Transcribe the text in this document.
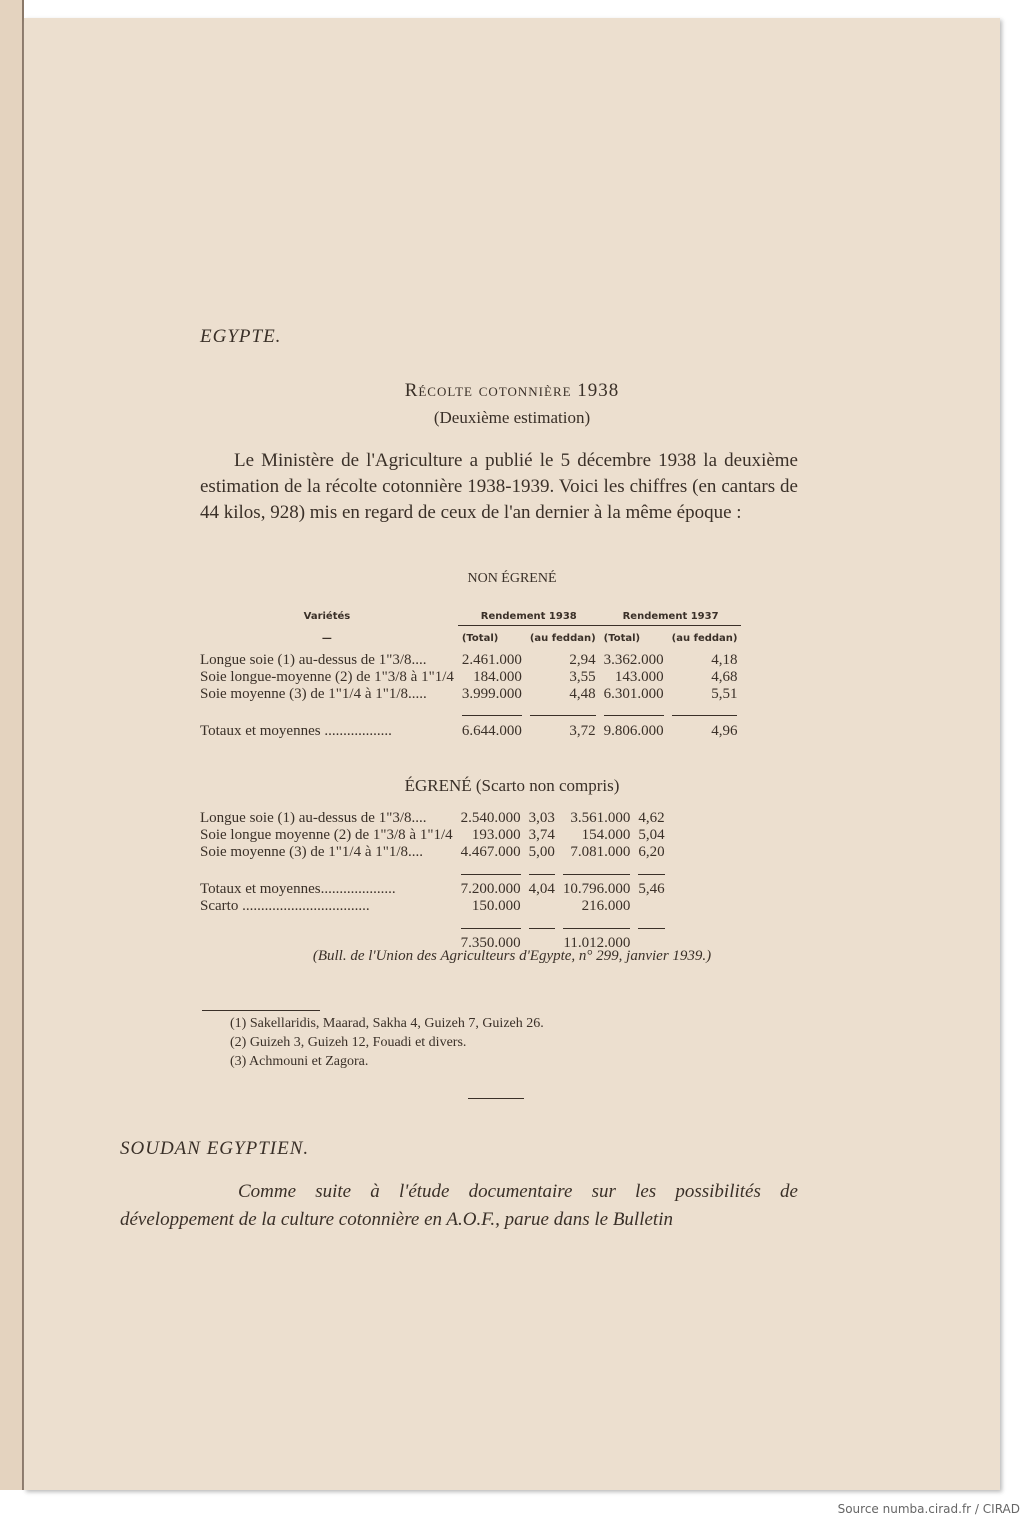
EGYPTE.
Récolte cotonnière 1938
(Deuxième estimation)
Le Ministère de l'Agriculture a publié le 5 décembre 1938 la deuxième estimation de la récolte cotonnière 1938-1939. Voici les chiffres (en cantars de 44 kilos, 928) mis en regard de ceux de l'an dernier à la même époque :
NON ÉGRENÉ
Variétés	Rendement 1938		Rendement 1937	
—	(Total)	(au feddan)	(Total)	(au feddan)
Longue soie (1) au-dessus de 1"3/8....	2.461.000	2,94	3.362.000	4,18
Soie longue-moyenne (2) de 1"3/8 à 1"1/4	184.000	3,55	143.000	4,68
Soie moyenne (3) de 1"1/4 à 1"1/8.....	3.999.000	4,48	6.301.000	5,51

Totaux et moyennes ..................	6.644.000	3,72	9.806.000	4,96
ÉGRENÉ (Scarto non compris)
Longue soie (1) au-dessus de 1"3/8....	2.540.000	3,03	3.561.000	4,62
Soie longue moyenne (2) de 1"3/8 à 1"1/4	193.000	3,74	154.000	5,04
Soie moyenne (3) de 1"1/4 à 1"1/8....	4.467.000	5,00	7.081.000	6,20

Totaux et moyennes....................	7.200.000	4,04	10.796.000	5,46
Scarto ..................................	150.000		216.000	

	7.350.000		11.012.000	
(Bull. de l'Union des Agriculteurs d'Egypte, n° 299, janvier 1939.)
(1) Sakellaridis, Maarad, Sakha 4, Guizeh 7, Guizeh 26.
(2) Guizeh 3, Guizeh 12, Fouadi et divers.
(3) Achmouni et Zagora.
SOUDAN EGYPTIEN.
Comme suite à l'étude documentaire sur les possibilités de développement de la culture cotonnière en A.O.F., parue dans le Bulletin
Source numba.cirad.fr / CIRAD
